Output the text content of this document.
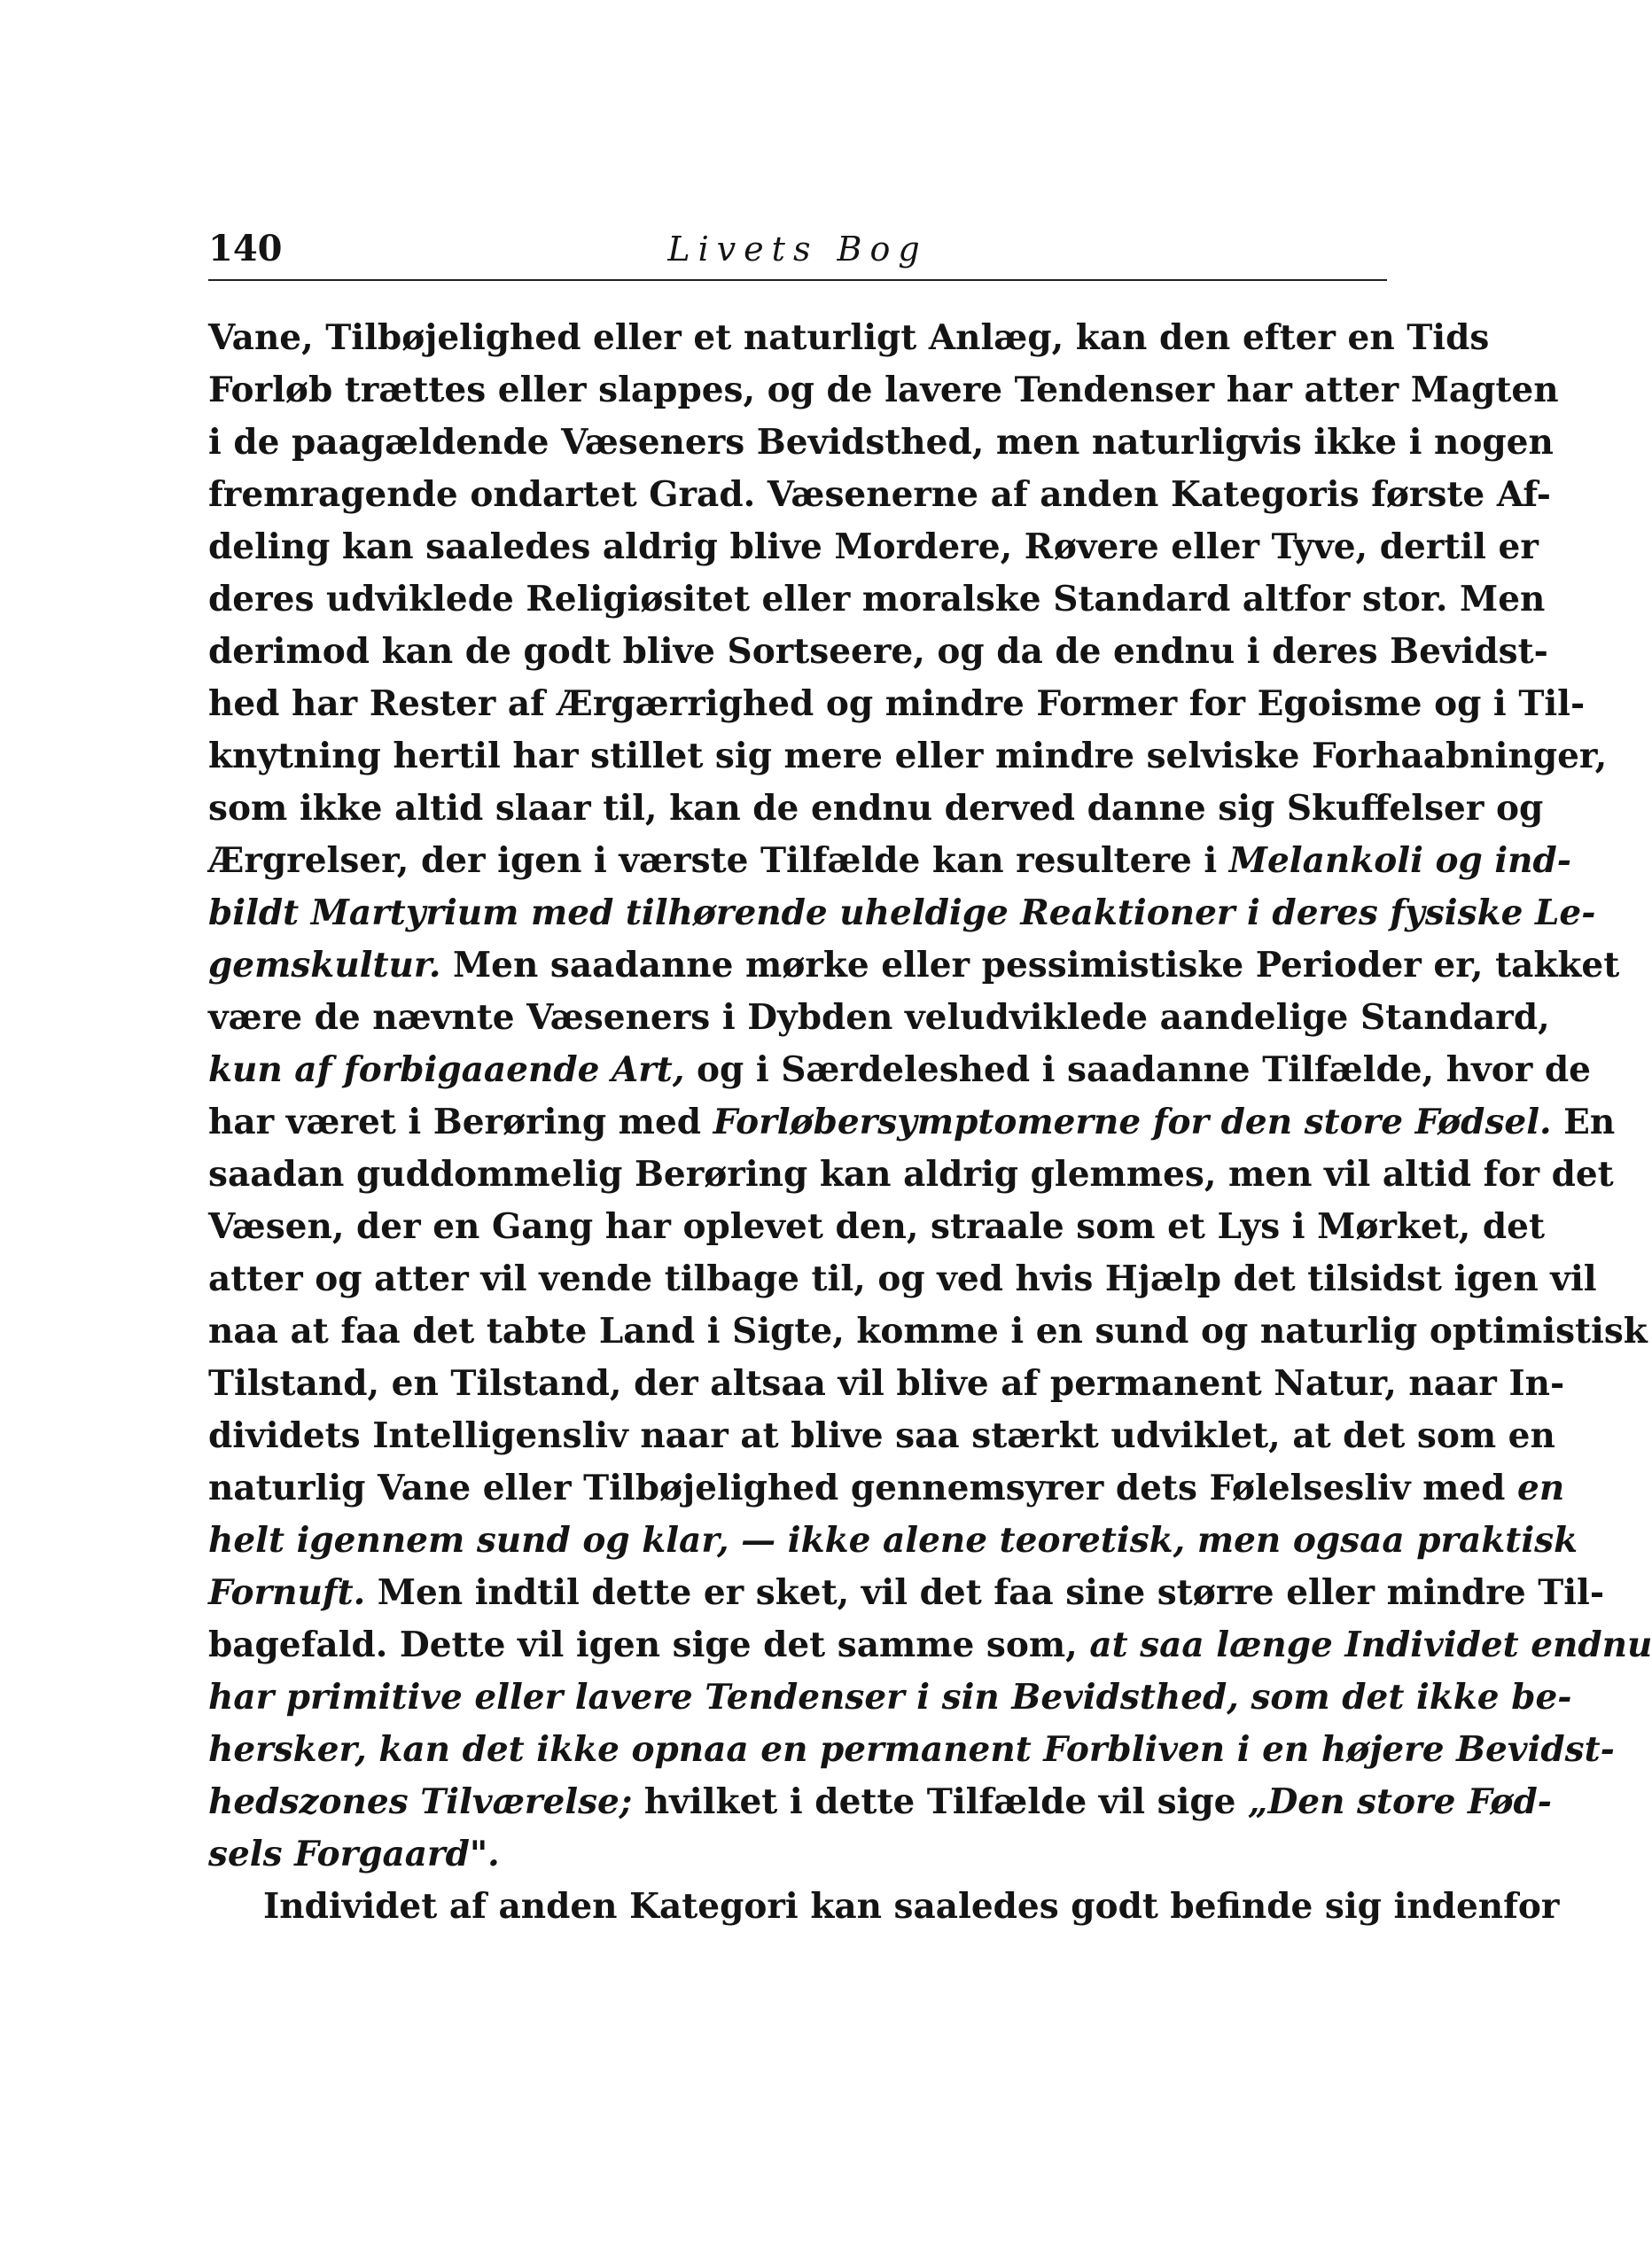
140	Livets Bog
Vane, Tilbøjelighed eller et naturligt Anlæg, kan den efter en Tids
Forløb trættes eller slappes, og de lavere Tendenser har atter Magten
i de paagældende Væseners Bevidsthed, men naturligvis ikke i nogen
fremragende ondartet Grad. Væsenerne af anden Kategoris første Af-
deling kan saaledes aldrig blive Mordere, Røvere eller Tyve, dertil er
deres udviklede Religiøsitet eller moralske Standard altfor stor. Men
derimod kan de godt blive Sortseere, og da de endnu i deres Bevidst-
hed har Rester af Ærgærrighed og mindre Former for Egoisme og i Til-
knytning hertil har stillet sig mere eller mindre selviske Forhaabninger,
som ikke altid slaar til, kan de endnu derved danne sig Skuffelser og
Ærgrelser, der igen i værste Tilfælde kan resultere i Melankoli og ind-
bildt Martyrium med tilhørende uheldige Reaktioner i deres fysiske Le-
gemskultur. Men saadanne mørke eller pessimistiske Perioder er, takket
være de nævnte Væseners i Dybden veludviklede aandelige Standard,
kun af forbigaaende Art, og i Særdeleshed i saadanne Tilfælde, hvor de
har været i Berøring med Forløbersymptomerne for den store Fødsel. En
saadan guddommelig Berøring kan aldrig glemmes, men vil altid for det
Væsen, der en Gang har oplevet den, straale som et Lys i Mørket, det
atter og atter vil vende tilbage til, og ved hvis Hjælp det tilsidst igen vil
naa at faa det tabte Land i Sigte, komme i en sund og naturlig optimistisk
Tilstand, en Tilstand, der altsaa vil blive af permanent Natur, naar In-
dividets Intelligensliv naar at blive saa stærkt udviklet, at det som en
naturlig Vane eller Tilbøjelighed gennemsyrer dets Følelsesliv med en
helt igennem sund og klar, — ikke alene teoretisk, men ogsaa praktisk
Fornuft. Men indtil dette er sket, vil det faa sine større eller mindre Til-
bagefald. Dette vil igen sige det samme som, at saa længe Individet endnu
har primitive eller lavere Tendenser i sin Bevidsthed, som det ikke be-
hersker, kan det ikke opnaa en permanent Forbliven i en højere Bevidst-
hedszones Tilværelse; hvilket i dette Tilfælde vil sige „Den store Fød-
sels Forgaard".
Individet af anden Kategori kan saaledes godt befinde sig indenfor
